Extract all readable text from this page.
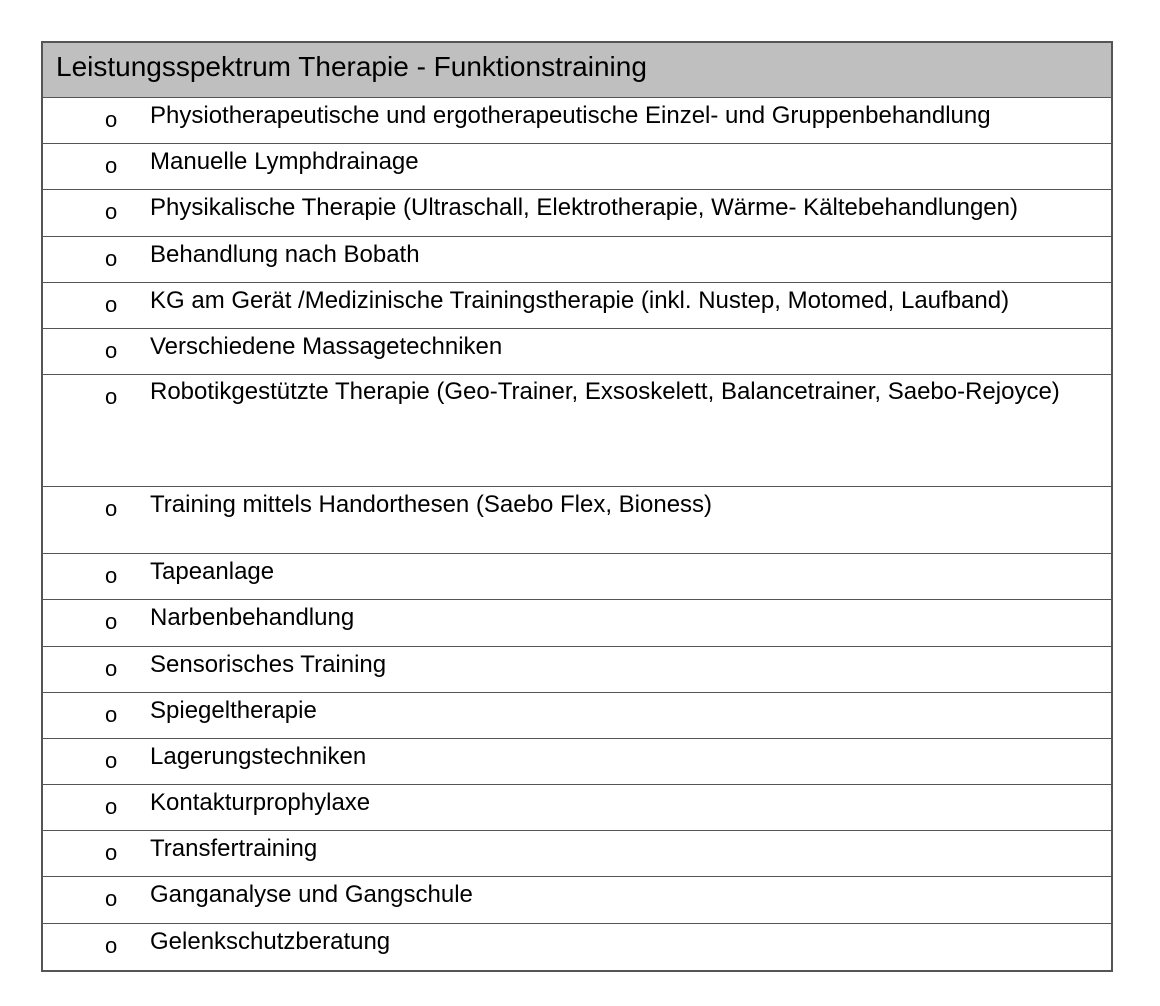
Leistungsspektrum Therapie - Funktionstraining
o Physiotherapeutische und ergotherapeutische Einzel- und Gruppenbehandlung
o Manuelle Lymphdrainage
o Physikalische Therapie (Ultraschall, Elektrotherapie, Wärme- Kältebehandlungen)
o Behandlung nach Bobath
o KG am Gerät /Medizinische Trainingstherapie (inkl. Nustep, Motomed, Laufband)
o Verschiedene Massagetechniken
o Robotikgestützte Therapie (Geo-Trainer, Exsoskelett, Balancetrainer, Saebo-Rejoyce)
o Training mittels Handorthesen (Saebo Flex, Bioness)
o Tapeanlage
o Narbenbehandlung
o Sensorisches Training
o Spiegeltherapie
o Lagerungstechniken
o Kontakturprophylaxe
o Transfertraining
o Ganganalyse und Gangschule
o Gelenkschutzberatung
